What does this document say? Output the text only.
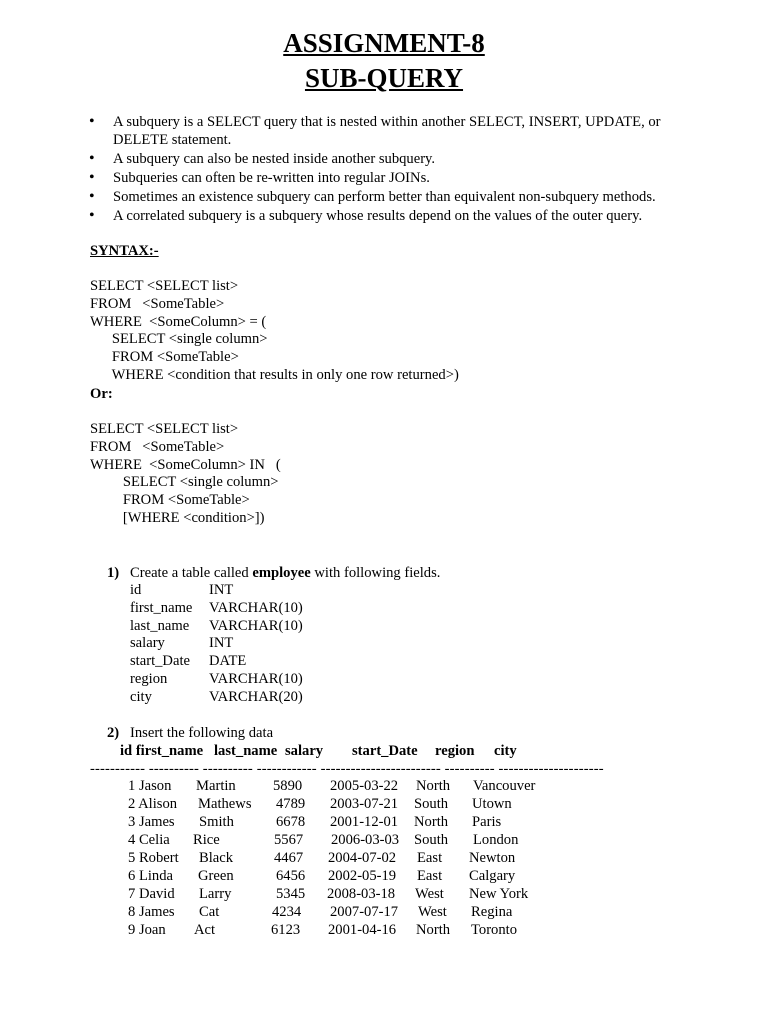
ASSIGNMENT-8
SUB-QUERY
• A subquery is a SELECT query that is nested within another SELECT, INSERT, UPDATE, or DELETE statement.
• A subquery can also be nested inside another subquery.
• Subqueries can often be re-written into regular JOINs.
• Sometimes an existence subquery can perform better than equivalent non-subquery methods.
• A correlated subquery is a subquery whose results depend on the values of the outer query.
SYNTAX:-
SELECT <SELECT list>
FROM   <SomeTable>
WHERE  <SomeColumn> = (
SELECT <single column>
FROM <SomeTable>
WHERE <condition that results in only one row returned>)
Or:
SELECT <SELECT list>
FROM   <SomeTable>
WHERE  <SomeColumn> IN   (
SELECT <single column>
FROM <SomeTable>
[WHERE <condition>])
1) Create a table called employee with following fields.
id	INT
first_name VARCHAR(10)
last_name VARCHAR(10)
salary	INT
start_Date DATE
region	VARCHAR(10)
city	VARCHAR(20)
2) Insert the following data
id first_name last_name salary start_Date region city
----------- ---------- ---------- ------------ ------------------------ ---------- ---------------------
1 Jason Martin	5890 2005-03-22 North Vancouver
2 Alison Mathews 4789 2003-07-21 South Utown
3 James Smith	6678 2001-12-01 North Paris
4 Celia Rice	5567 2006-03-03 South London
5 Robert Black	4467 2004-07-02 East Newton
6 Linda Green	6456 2002-05-19 East Calgary
7 David Larry	5345 2008-03-18 West New York
8 James Cat	4234 2007-07-17 West Regina
9 Joan Act	6123 2001-04-16 North Toronto
